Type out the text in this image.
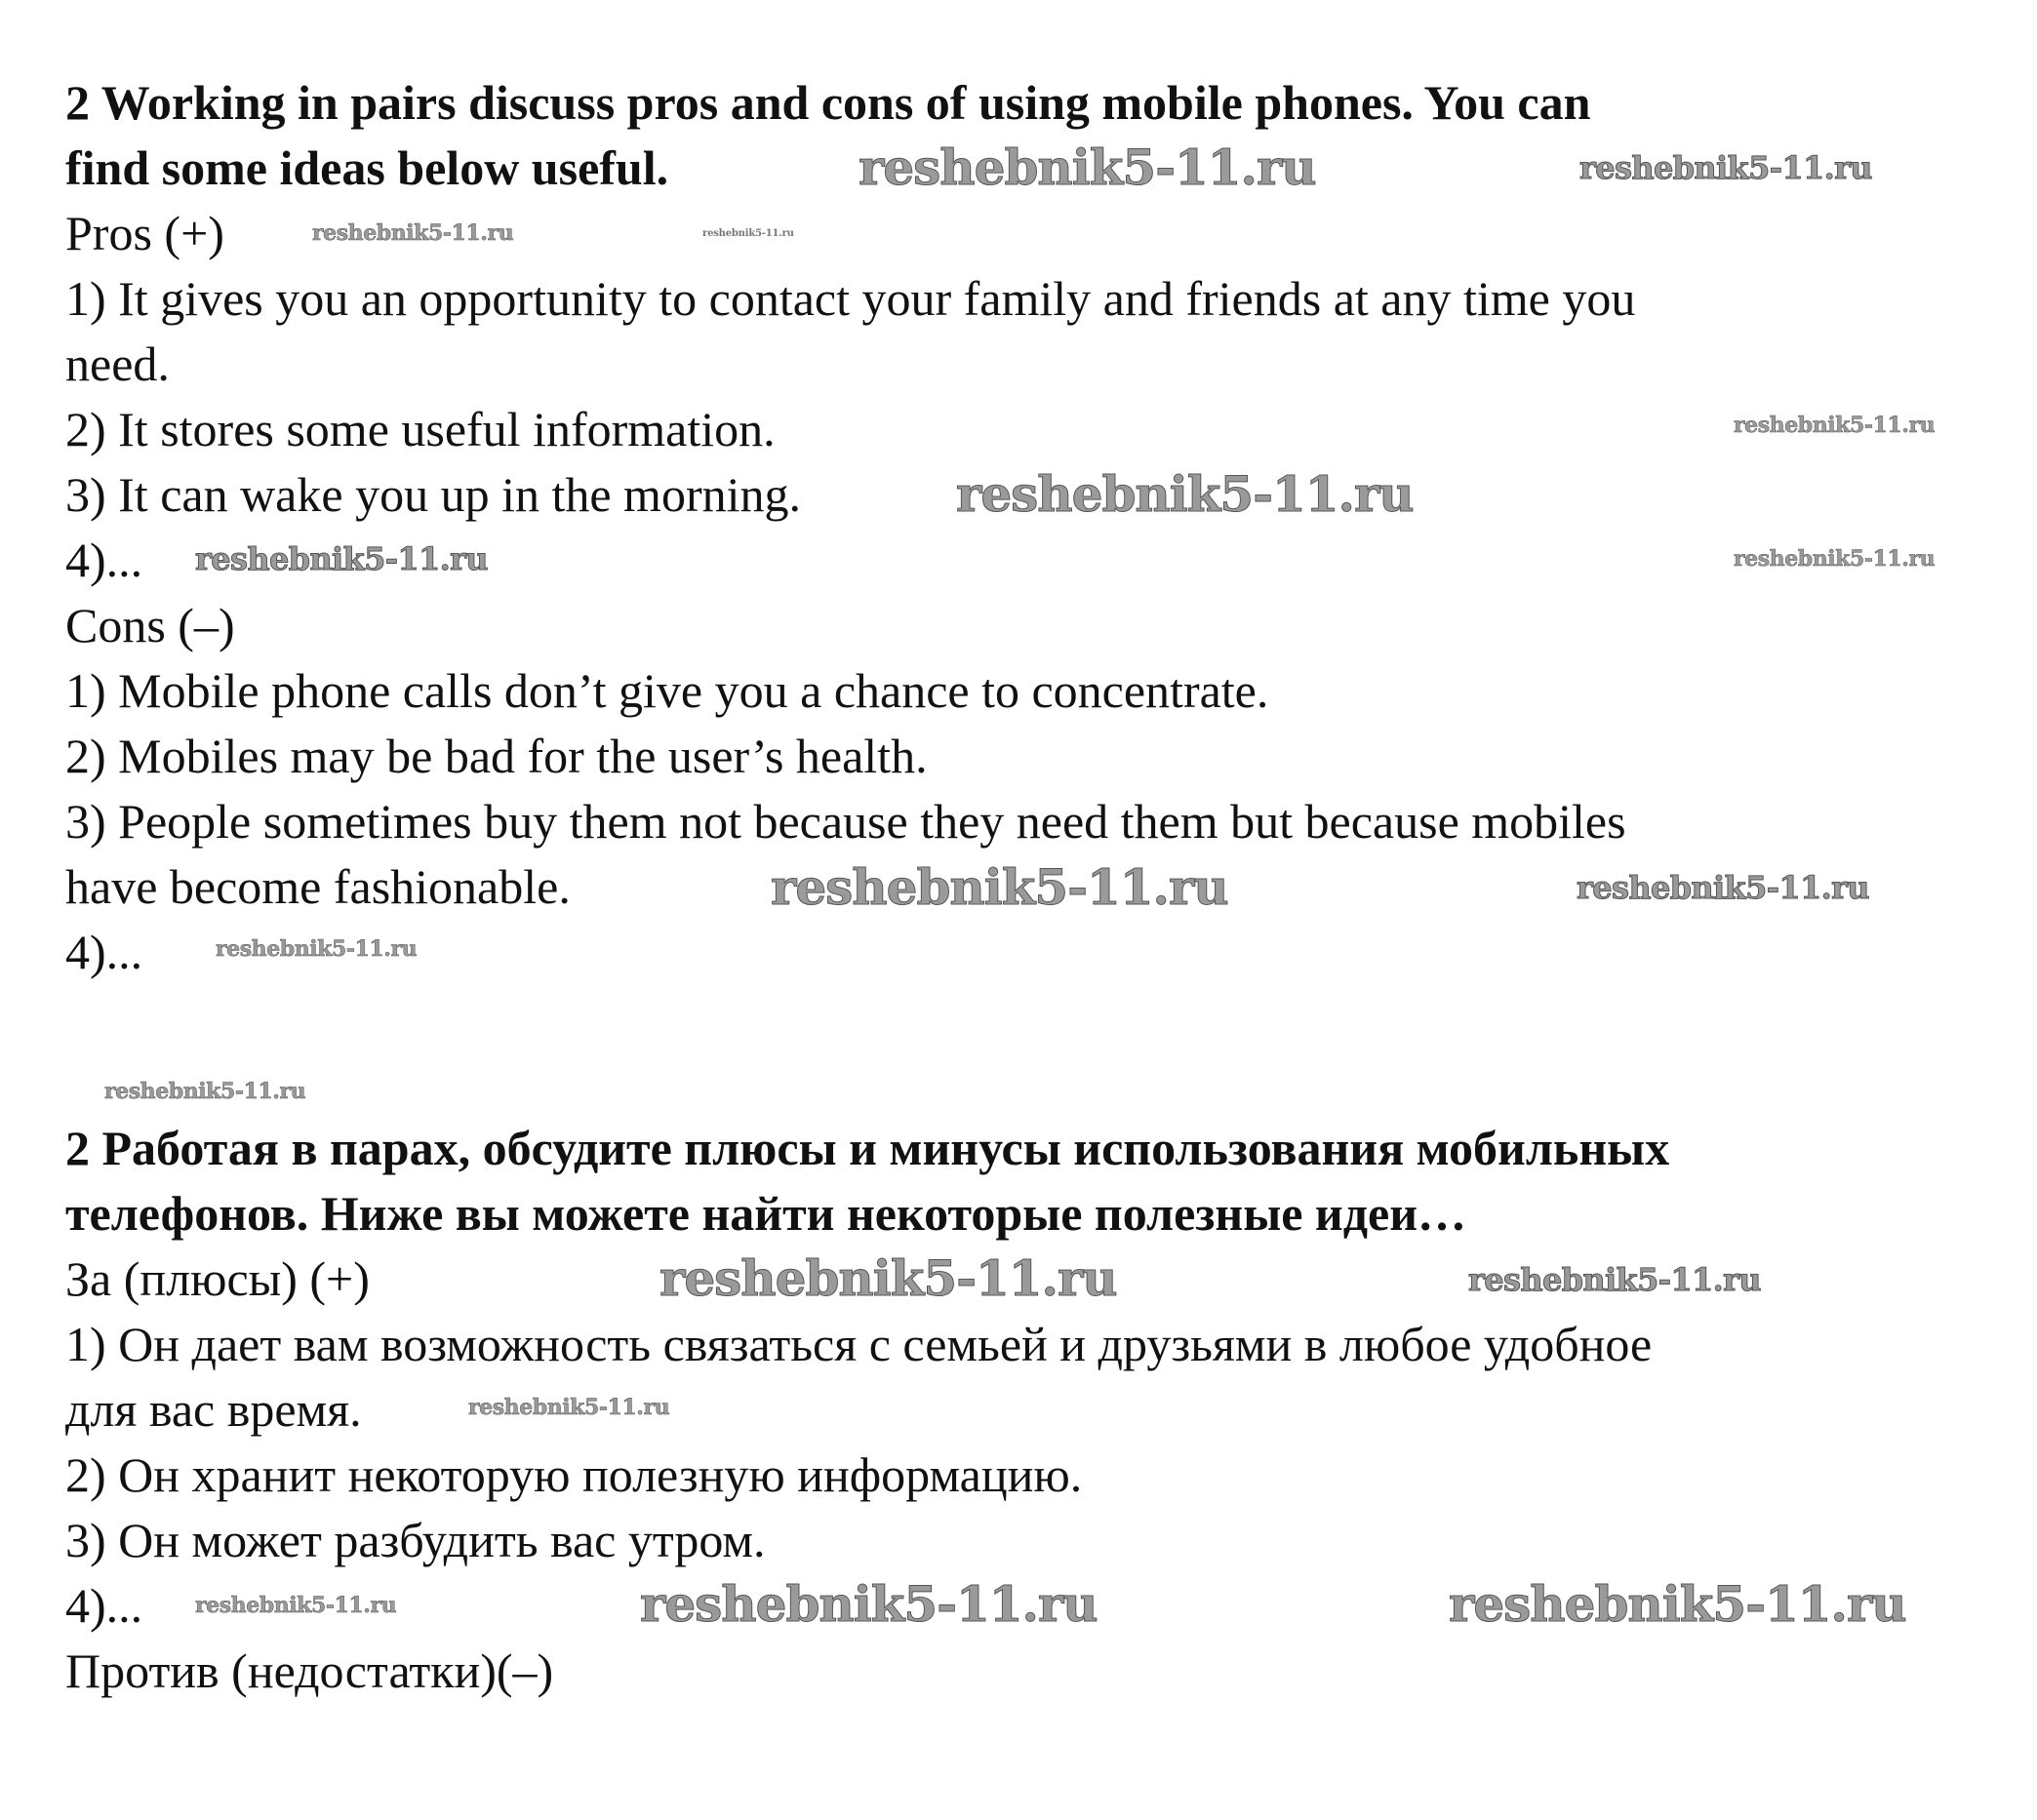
2 Working in pairs discuss pros and cons of using mobile phones. You can
find some ideas below useful.
Pros (+)
1) It gives you an opportunity to contact your family and friends at any time you
need.
2) It stores some useful information.
3) It can wake you up in the morning.
4)...
Cons (–)
1) Mobile phone calls don’t give you a chance to concentrate.
2) Mobiles may be bad for the user’s health.
3) People sometimes buy them not because they need them but because mobiles
have become fashionable.
4)...
2 Работая в парах, обсудите плюсы и минусы использования мобильных
телефонов. Ниже вы можете найти некоторые полезные идеи…
За (плюсы) (+)
1) Он дает вам возможность связаться с семьей и друзьями в любое удобное
для вас время.
2) Он хранит некоторую полезную информацию.
3) Он может разбудить вас утром.
4)...
Против (недостатки)(–)
reshebnik5-11.ru
reshebnik5-11.ru	reshebnik5-11.ru
reshebnik5-11.ru
reshebnik5-11.ru
reshebnik5-11.ru
reshebnik5-11.ru
reshebnik5-11.ru
reshebnik5-11.ru	reshebnik5-11.ru
reshebnik5-11.ru
reshebnik5-11.ru
reshebnik5-11.ru	reshebnik5-11.ru
reshebnik5-11.ru
reshebnik5-11.ru	reshebnik5-11.ru	reshebnik5-11.ru
